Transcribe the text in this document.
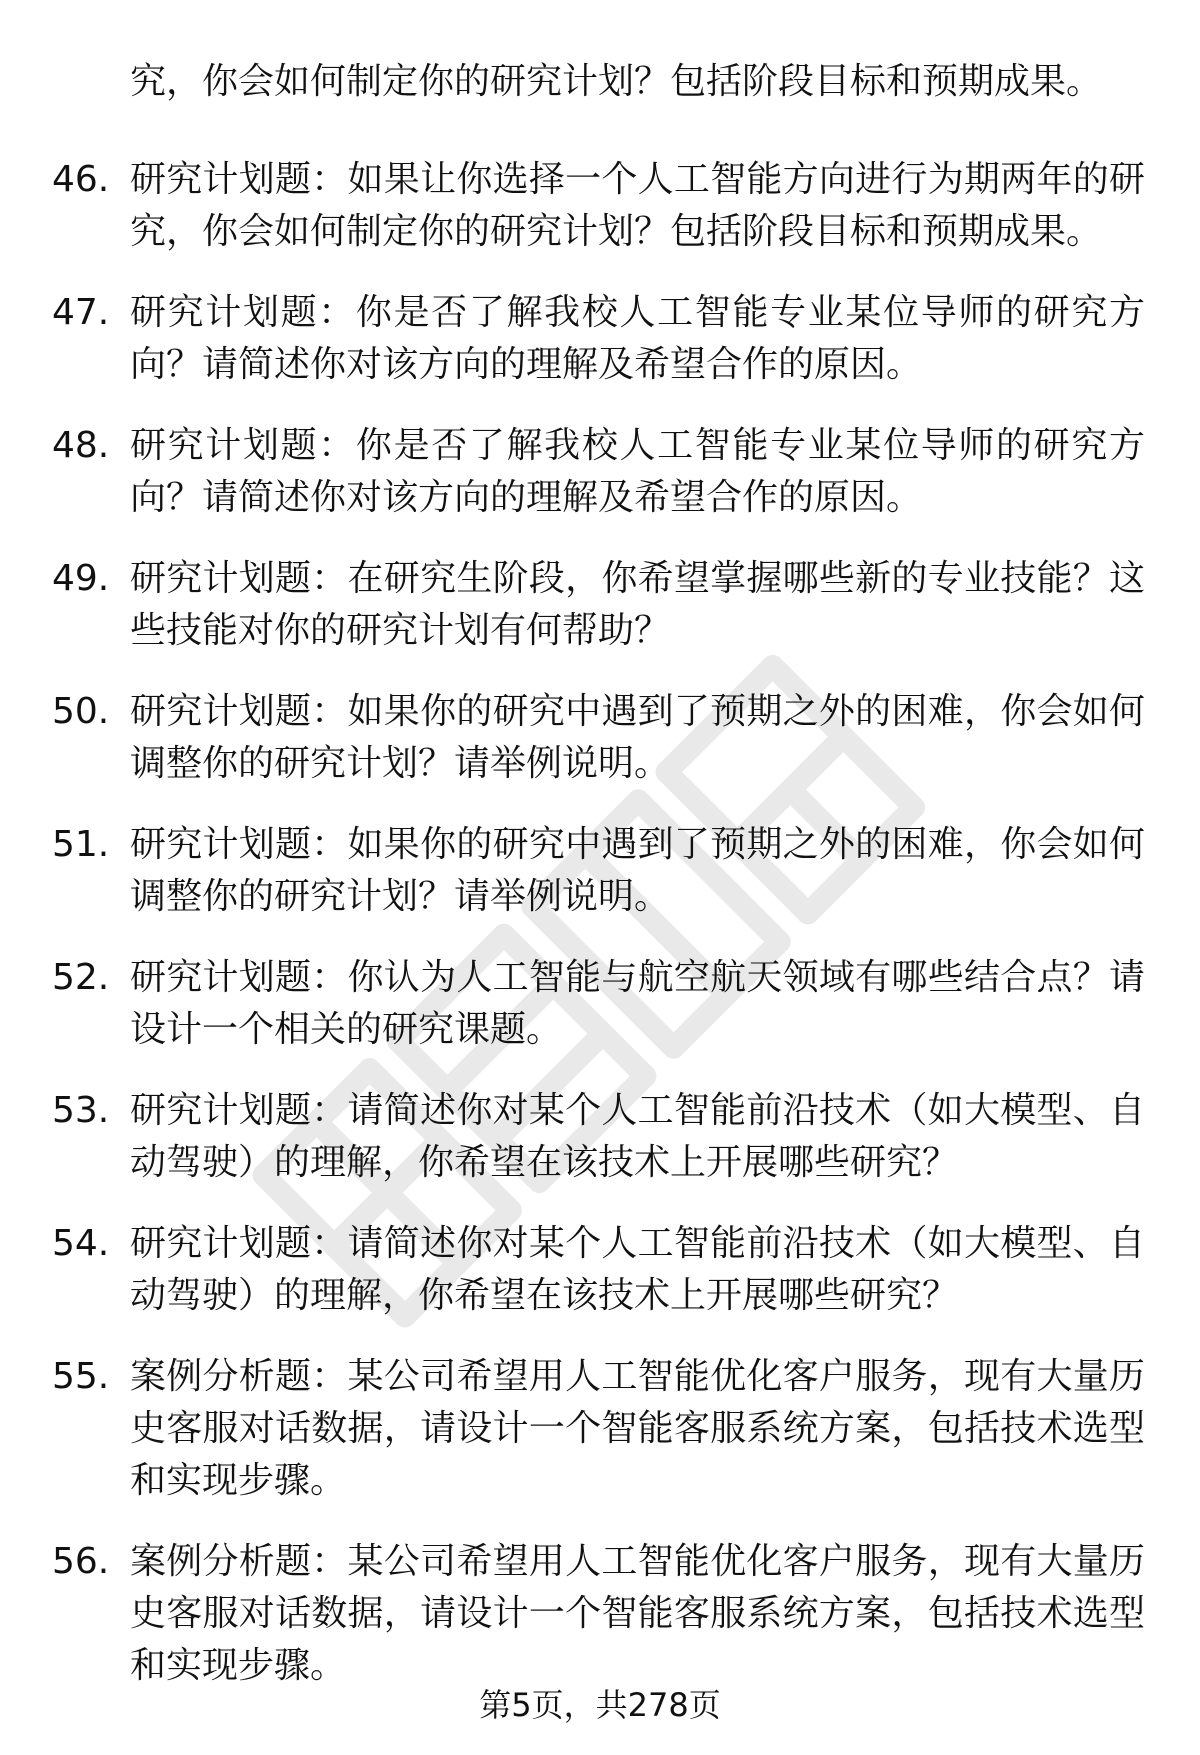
究，你会如何制定你的研究计划？包括阶段目标和预期成果。
46. 研究计划题：如果让你选择一个人工智能方向进行为期两年的研究，你会如何制定你的研究计划？包括阶段目标和预期成果。
47. 研究计划题：你是否了解我校人工智能专业某位导师的研究方向？请简述你对该方向的理解及希望合作的原因。
48. 研究计划题：你是否了解我校人工智能专业某位导师的研究方向？请简述你对该方向的理解及希望合作的原因。
49. 研究计划题：在研究生阶段，你希望掌握哪些新的专业技能？这些技能对你的研究计划有何帮助？
50. 研究计划题：如果你的研究中遇到了预期之外的困难，你会如何调整你的研究计划？请举例说明。
51. 研究计划题：如果你的研究中遇到了预期之外的困难，你会如何调整你的研究计划？请举例说明。
52. 研究计划题：你认为人工智能与航空航天领域有哪些结合点？请设计一个相关的研究课题。
53. 研究计划题：请简述你对某个人工智能前沿技术（如大模型、自动驾驶）的理解，你希望在该技术上开展哪些研究？
54. 研究计划题：请简述你对某个人工智能前沿技术（如大模型、自动驾驶）的理解，你希望在该技术上开展哪些研究？
55. 案例分析题：某公司希望用人工智能优化客户服务，现有大量历史客服对话数据，请设计一个智能客服系统方案，包括技术选型和实现步骤。
56. 案例分析题：某公司希望用人工智能优化客户服务，现有大量历史客服对话数据，请设计一个智能客服系统方案，包括技术选型和实现步骤。
第5页，共278页
